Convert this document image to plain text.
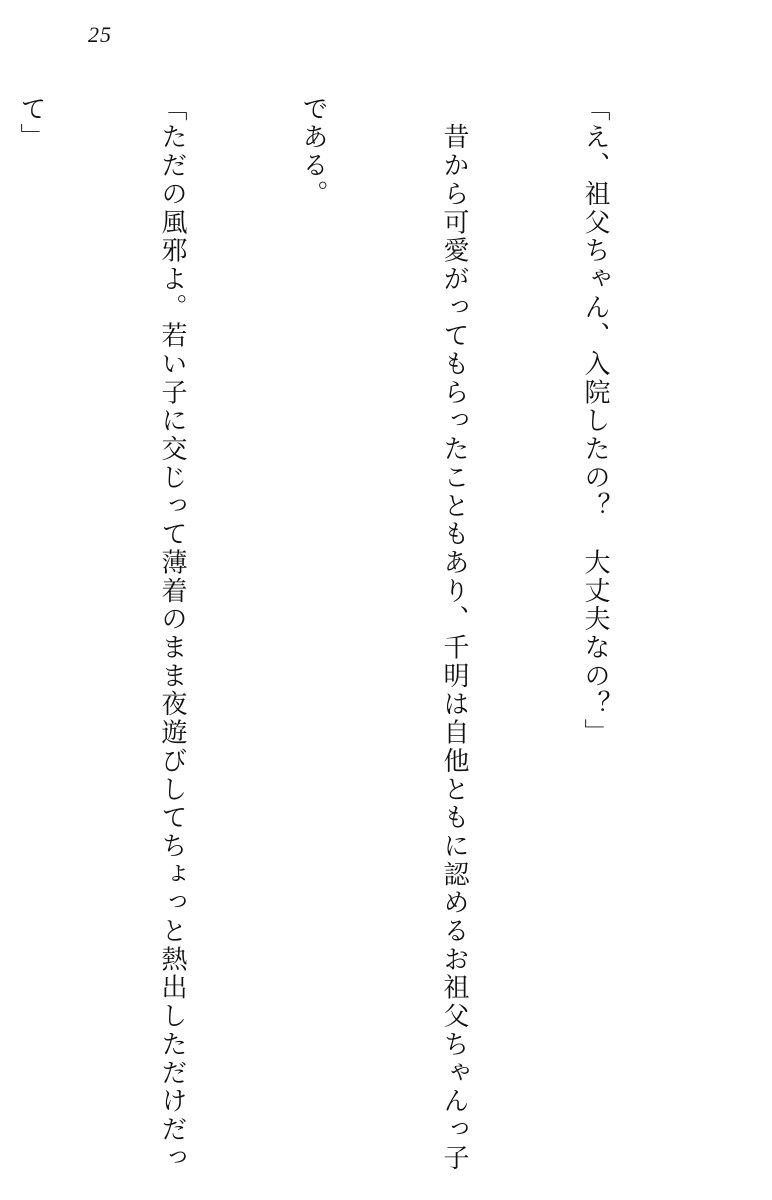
25

「え、祖父ちゃん、入院したの？　大丈夫なの？」

　昔から可愛がってもらったこともあり、千明は自他ともに認めるお祖父ちゃんっ子

である。

「ただの風邪よ。若い子に交じって薄着のまま夜遊びしてちょっと熱出しただけだっ

て」
